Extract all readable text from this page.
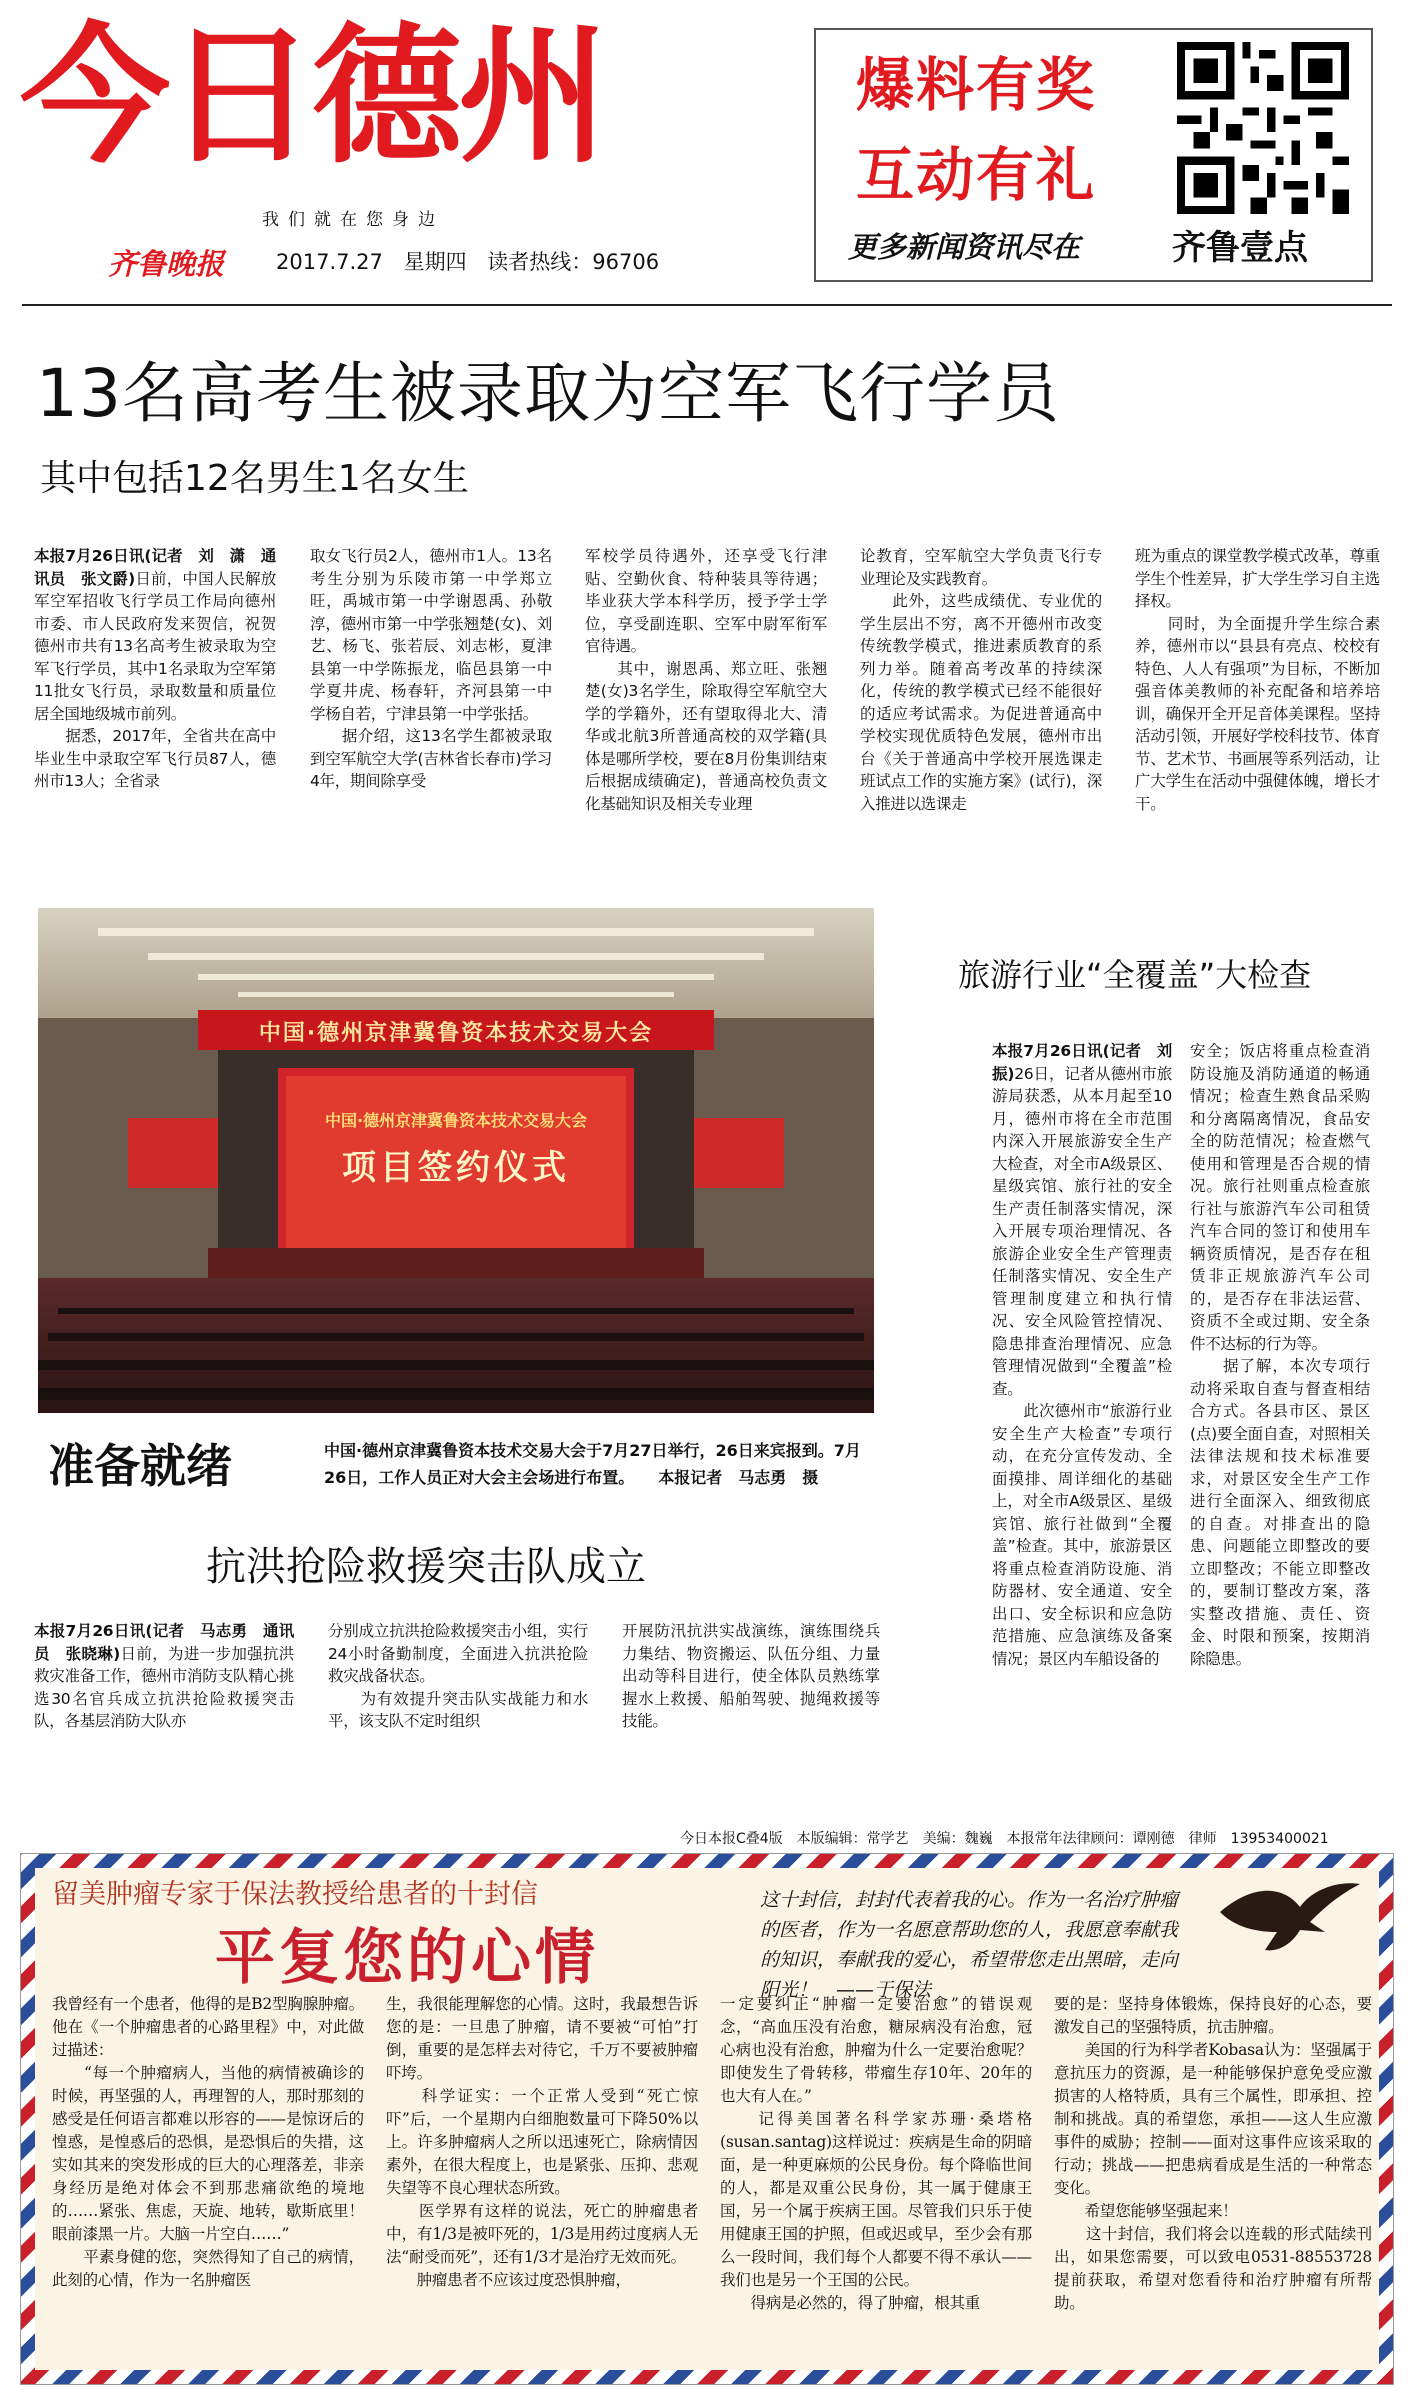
今日德州
我们就在您身边
齐鲁晚报 2017.7.27 星期四 读者热线：96706
爆料有奖
互动有礼
更多新闻资讯尽在	齐鲁壹点
13名高考生被录取为空军飞行学员
其中包括12名男生1名女生
本报7月26日讯(记者　刘　潇　通讯员　张文爵)日前，中国人民解放军空军招收飞行学员工作局向德州市委、市人民政府发来贺信，祝贺德州市共有13名高考生被录取为空军飞行学员，其中1名录取为空军第11批女飞行员，录取数量和质量位居全国地级城市前列。
　　据悉，2017年，全省共在高中毕业生中录取空军飞行员87人，德州市13人；全省录
取女飞行员2人，德州市1人。13名考生分别为乐陵市第一中学郑立旺，禹城市第一中学谢恩禹、孙敬淳，德州市第一中学张翘楚(女)、刘艺、杨飞、张若辰、刘志彬，夏津县第一中学陈振龙，临邑县第一中学夏井虎、杨春轩，齐河县第一中学杨自若，宁津县第一中学张括。
　　据介绍，这13名学生都被录取到空军航空大学(吉林省长春市)学习4年，期间除享受
军校学员待遇外，还享受飞行津贴、空勤伙食、特种装具等待遇；毕业获大学本科学历，授予学士学位，享受副连职、空军中尉军衔军官待遇。
　　其中，谢恩禹、郑立旺、张翘楚(女)3名学生，除取得空军航空大学的学籍外，还有望取得北大、清华或北航3所普通高校的双学籍(具体是哪所学校，要在8月份集训结束后根据成绩确定)，普通高校负责文化基础知识及相关专业理
论教育，空军航空大学负责飞行专业理论及实践教育。
　　此外，这些成绩优、专业优的学生层出不穷，离不开德州市改变传统教学模式，推进素质教育的系列力举。随着高考改革的持续深化，传统的教学模式已经不能很好的适应考试需求。为促进普通高中学校实现优质特色发展，德州市出台《关于普通高中学校开展选课走班试点工作的实施方案》(试行)，深入推进以选课走
班为重点的课堂教学模式改革，尊重学生个性差异，扩大学生学习自主选择权。
　　同时，为全面提升学生综合素养，德州市以“县县有亮点、校校有特色、人人有强项”为目标，不断加强音体美教师的补充配备和培养培训，确保开全开足音体美课程。坚持活动引领，开展好学校科技节、体育节、艺术节、书画展等系列活动，让广大学生在活动中强健体魄，增长才干。
中国·德州京津冀鲁资本技术交易大会
中国·德州京津冀鲁资本技术交易大会
项目签约仪式
准备就绪	中国·德州京津冀鲁资本技术交易大会于7月27日举行，26日来宾报到。7月26日，工作人员正对大会主会场进行布置。　　本报记者　马志勇　摄
旅游行业“全覆盖”大检查
本报7月26日讯(记者　刘振)26日，记者从德州市旅游局获悉，从本月起至10月，德州市将在全市范围内深入开展旅游安全生产大检查，对全市A级景区、星级宾馆、旅行社的安全生产责任制落实情况，深入开展专项治理情况、各旅游企业安全生产管理责任制落实情况、安全生产管理制度建立和执行情况、安全风险管控情况、隐患排查治理情况、应急管理情况做到“全覆盖”检查。
　　此次德州市“旅游行业安全生产大检查”专项行动，在充分宣传发动、全面摸排、周详细化的基础上，对全市A级景区、星级宾馆、旅行社做到“全覆盖”检查。其中，旅游景区将重点检查消防设施、消防器材、安全通道、安全出口、安全标识和应急防范措施、应急演练及备案情况；景区内车船设备的
安全；饭店将重点检查消防设施及消防通道的畅通情况；检查生熟食品采购和分离隔离情况，食品安全的防范情况；检查燃气使用和管理是否合规的情况。旅行社则重点检查旅行社与旅游汽车公司租赁汽车合同的签订和使用车辆资质情况，是否存在租赁非正规旅游汽车公司的，是否存在非法运营、资质不全或过期、安全条件不达标的行为等。
　　据了解，本次专项行动将采取自查与督查相结合方式。各县市区、景区(点)要全面自查，对照相关法律法规和技术标准要求，对景区安全生产工作进行全面深入、细致彻底的自查。对排查出的隐患、问题能立即整改的要立即整改；不能立即整改的，要制订整改方案，落实整改措施、责任、资金、时限和预案，按期消除隐患。
抗洪抢险救援突击队成立
本报7月26日讯(记者　马志勇　通讯员　张晓琳)日前，为进一步加强抗洪救灾准备工作，德州市消防支队精心挑选30名官兵成立抗洪抢险救援突击队，各基层消防大队亦
分别成立抗洪抢险救援突击小组，实行24小时备勤制度，全面进入抗洪抢险救灾战备状态。
　　为有效提升突击队实战能力和水平，该支队不定时组织
开展防汛抗洪实战演练，演练围绕兵力集结、物资搬运、队伍分组、力量出动等科目进行，使全体队员熟练掌握水上救援、船舶驾驶、抛绳救援等技能。
今日本报C叠4版　本版编辑：常学艺　美编：魏巍　本报常年法律顾问：谭刚德　律师　13953400021
留美肿瘤专家于保法教授给患者的十封信
平复您的心情
这十封信，封封代表着我的心。作为一名治疗肿瘤的医者，作为一名愿意帮助您的人，我愿意奉献我的知识，奉献我的爱心，希望带您走出黑暗，走向阳光！　——于保法
我曾经有一个患者，他得的是B2型胸腺肿瘤。他在《一个肿瘤患者的心路里程》中，对此做过描述：
　　“每一个肿瘤病人，当他的病情被确诊的时候，再坚强的人，再理智的人，那时那刻的感受是任何语言都难以形容的——是惊讶后的惶惑，是惶惑后的恐惧，是恐惧后的失措，这实如其来的突发形成的巨大的心理落差，非亲身经历是绝对体会不到那悲痛欲绝的境地的……紧张、焦虑，天旋、地转，歇斯底里！眼前漆黑一片。大脑一片空白……”
　　平素身健的您，突然得知了自己的病情，此刻的心情，作为一名肿瘤医
生，我很能理解您的心情。这时，我最想告诉您的是：一旦患了肿瘤，请不要被“可怕”打倒，重要的是怎样去对待它，千万不要被肿瘤吓垮。
　　科学证实：一个正常人受到“死亡惊吓”后，一个星期内白细胞数量可下降50%以上。许多肿瘤病人之所以迅速死亡，除病情因素外，在很大程度上，也是紧张、压抑、悲观失望等不良心理状态所致。
　　医学界有这样的说法，死亡的肿瘤患者中，有1/3是被吓死的，1/3是用药过度病人无法“耐受而死”，还有1/3才是治疗无效而死。
　　肿瘤患者不应该过度恐惧肿瘤，
一定要纠正“肿瘤一定要治愈”的错误观念，“高血压没有治愈，糖尿病没有治愈，冠心病也没有治愈，肿瘤为什么一定要治愈呢？即使发生了骨转移，带瘤生存10年、20年的也大有人在。”
　　记得美国著名科学家苏珊·桑塔格(susan.santag)这样说过：疾病是生命的阴暗面，是一种更麻烦的公民身份。每个降临世间的人，都是双重公民身份，其一属于健康王国，另一个属于疾病王国。尽管我们只乐于使用健康王国的护照，但或迟或早，至少会有那么一段时间，我们每个人都要不得不承认——我们也是另一个王国的公民。
　　得病是必然的，得了肿瘤，根其重
要的是：坚持身体锻炼，保持良好的心态，要激发自己的坚强特质，抗击肿瘤。
　　美国的行为科学者Kobasa认为：坚强属于意抗压力的资源，是一种能够保护意免受应激损害的人格特质，具有三个属性，即承担、控制和挑战。真的希望您，承担——这人生应激事件的威胁；控制——面对这事件应该采取的行动；挑战——把患病看成是生活的一种常态变化。
　　希望您能够坚强起来！
　　这十封信，我们将会以连载的形式陆续刊出，如果您需要，可以致电0531-88553728提前获取，希望对您看待和治疗肿瘤有所帮助。
